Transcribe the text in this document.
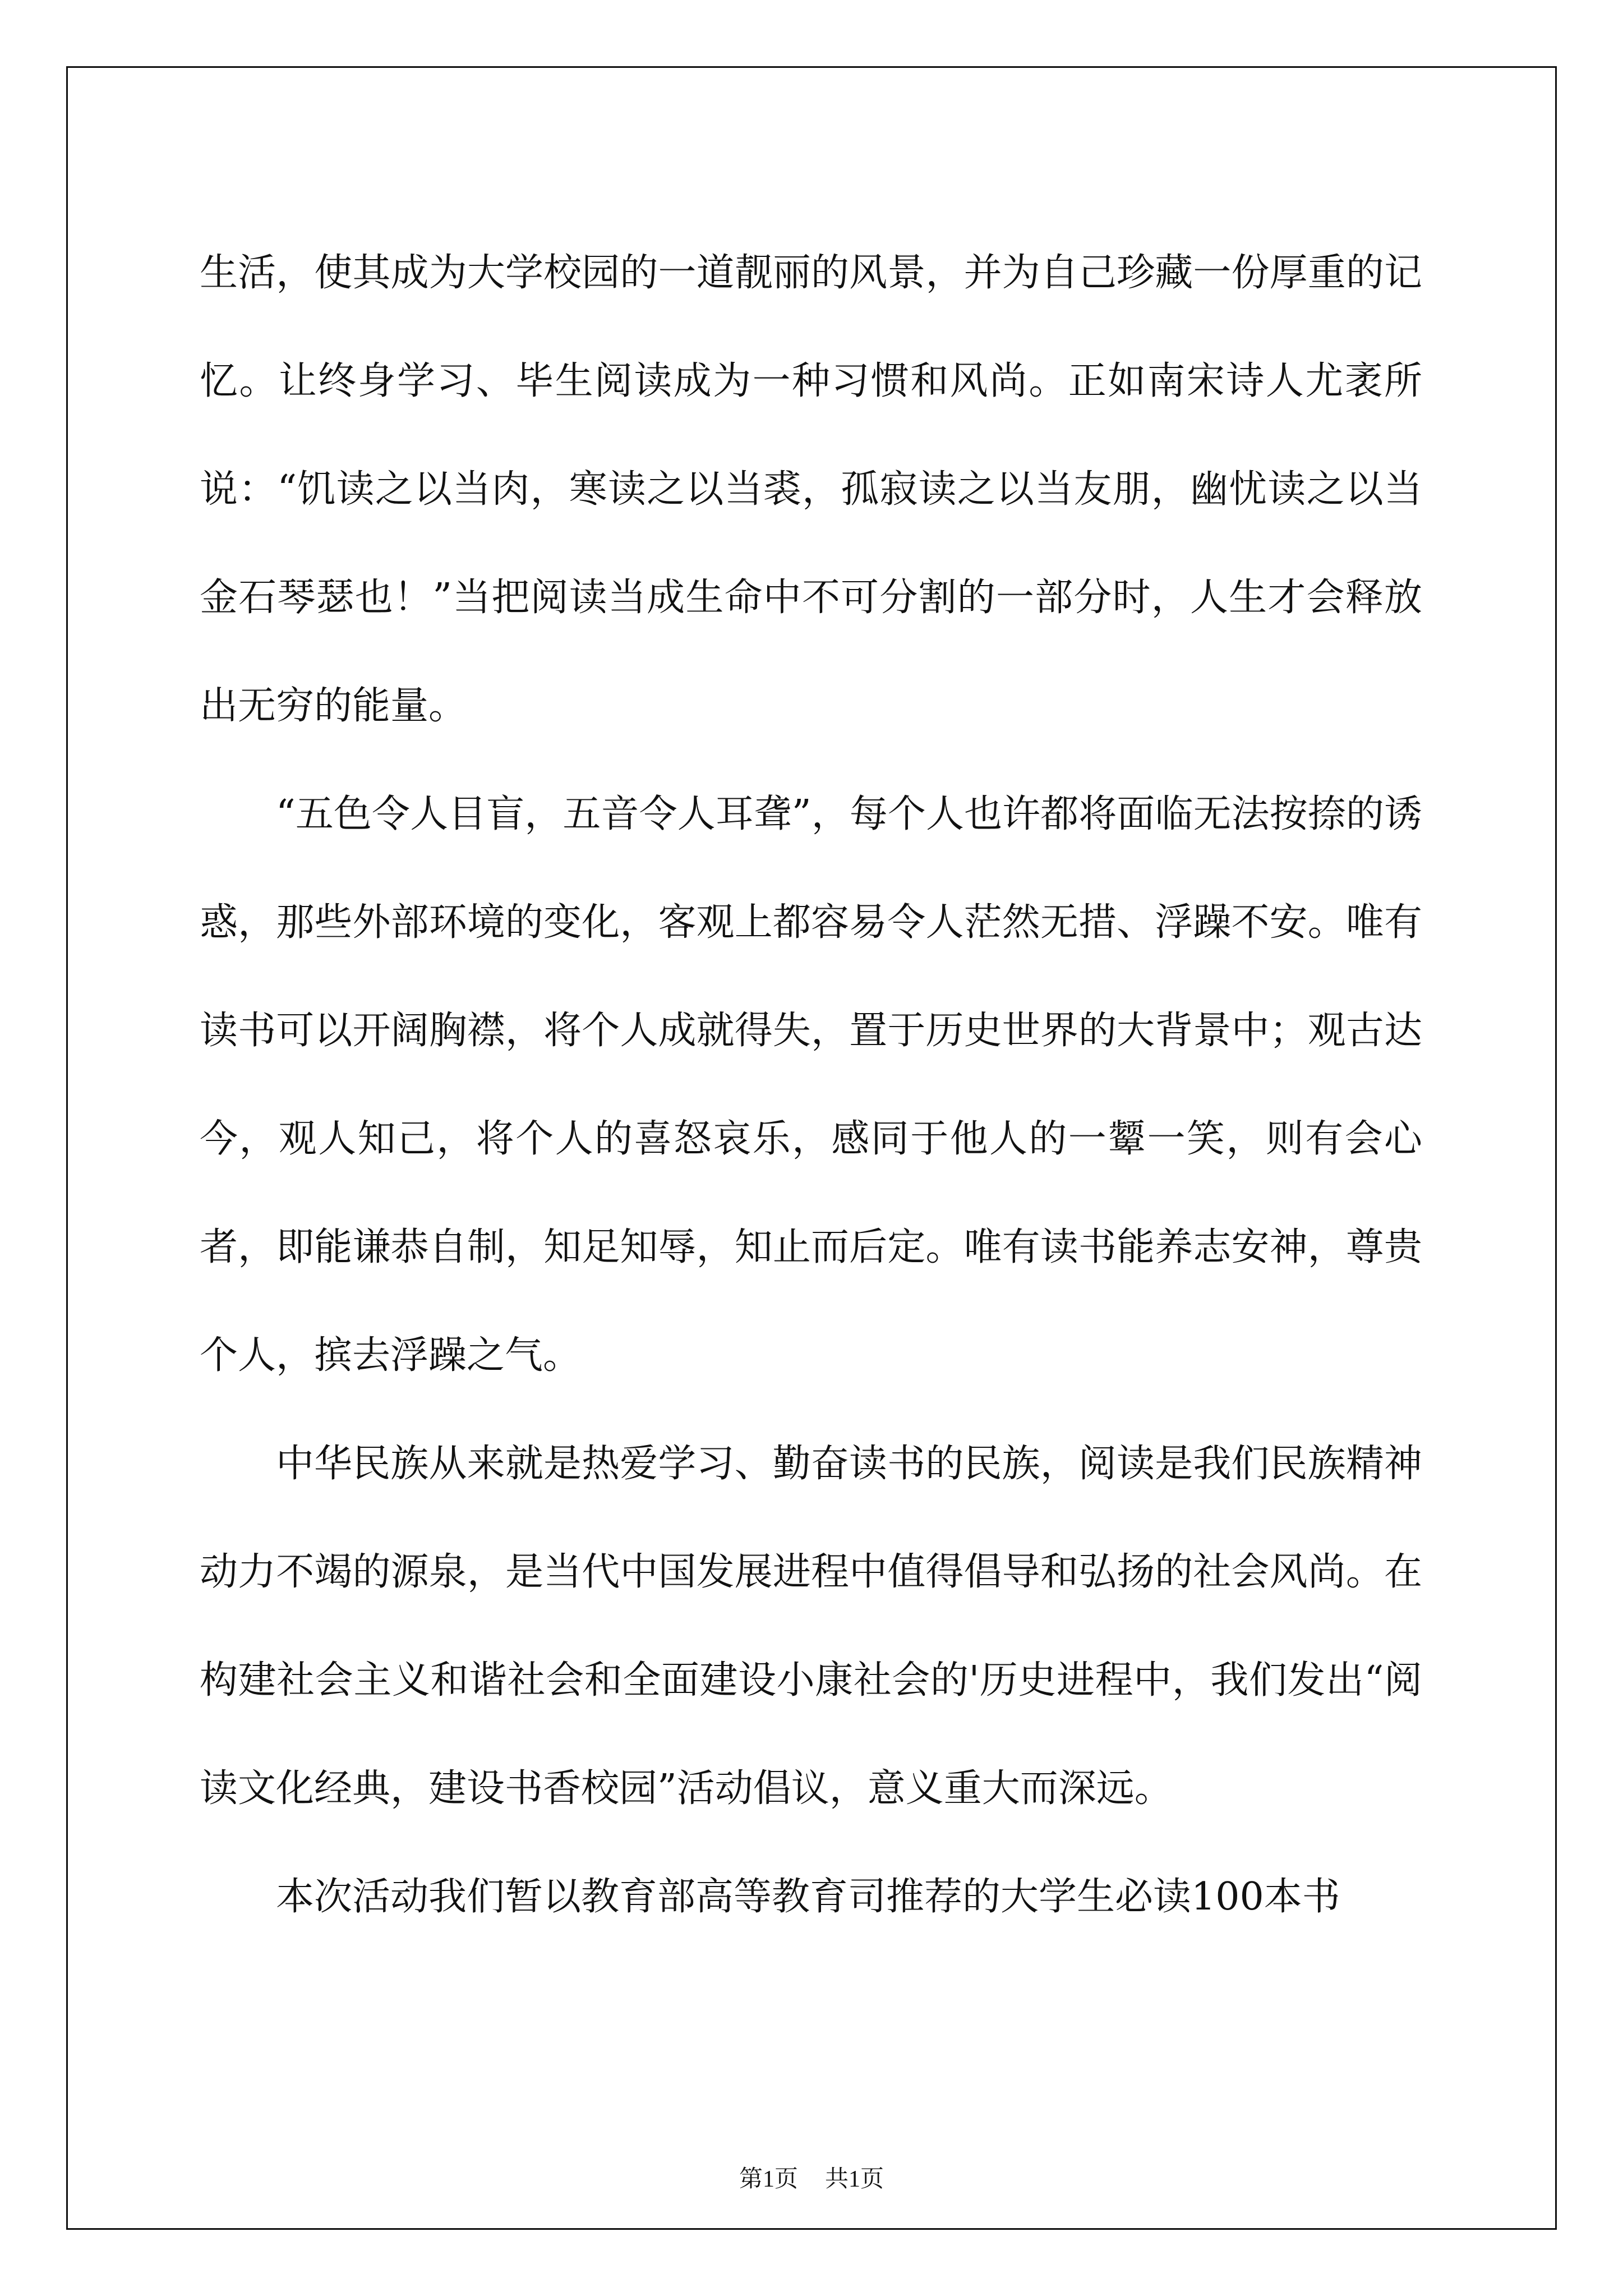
生活，使其成为大学校园的一道靓丽的风景，并为自己珍藏一份厚重的记忆。让终身学习、毕生阅读成为一种习惯和风尚。正如南宋诗人尤袤所说：“饥读之以当肉，寒读之以当裘，孤寂读之以当友朋，幽忧读之以当金石琴瑟也！”当把阅读当成生命中不可分割的一部分时，人生才会释放出无穷的能量。

“五色令人目盲，五音令人耳聋”，每个人也许都将面临无法按捺的诱惑，那些外部环境的变化，客观上都容易令人茫然无措、浮躁不安。唯有读书可以开阔胸襟，将个人成就得失，置于历史世界的大背景中；观古达今，观人知己，将个人的喜怒哀乐，感同于他人的一颦一笑，则有会心者，即能谦恭自制，知足知辱，知止而后定。唯有读书能养志安神，尊贵个人，摈去浮躁之气。

中华民族从来就是热爱学习、勤奋读书的民族，阅读是我们民族精神动力不竭的源泉，是当代中国发展进程中值得倡导和弘扬的社会风尚。在构建社会主义和谐社会和全面建设小康社会的'历史进程中，我们发出“阅读文化经典，建设书香校园”活动倡议，意义重大而深远。

本次活动我们暂以教育部高等教育司推荐的大学生必读100本书

第1页 共1页
